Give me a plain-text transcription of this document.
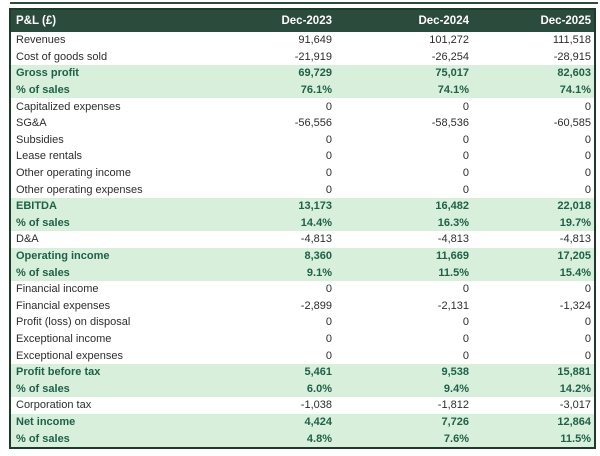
P&L (£)	Dec-2023	Dec-2024	Dec-2025
Revenues	91,649	101,272	111,518
Cost of goods sold	-21,919	-26,254	-28,915
Gross profit	69,729	75,017	82,603
% of sales	76.1%	74.1%	74.1%
Capitalized expenses	0	0	0
SG&A	-56,556	-58,536	-60,585
Subsidies	0	0	0
Lease rentals	0	0	0
Other operating income	0	0	0
Other operating expenses	0	0	0
EBITDA	13,173	16,482	22,018
% of sales	14.4%	16.3%	19.7%
D&A	-4,813	-4,813	-4,813
Operating income	8,360	11,669	17,205
% of sales	9.1%	11.5%	15.4%
Financial income	0	0	0
Financial expenses	-2,899	-2,131	-1,324
Profit (loss) on disposal	0	0	0
Exceptional income	0	0	0
Exceptional expenses	0	0	0
Profit before tax	5,461	9,538	15,881
% of sales	6.0%	9.4%	14.2%
Corporation tax	-1,038	-1,812	-3,017
Net income	4,424	7,726	12,864
% of sales	4.8%	7.6%	11.5%
